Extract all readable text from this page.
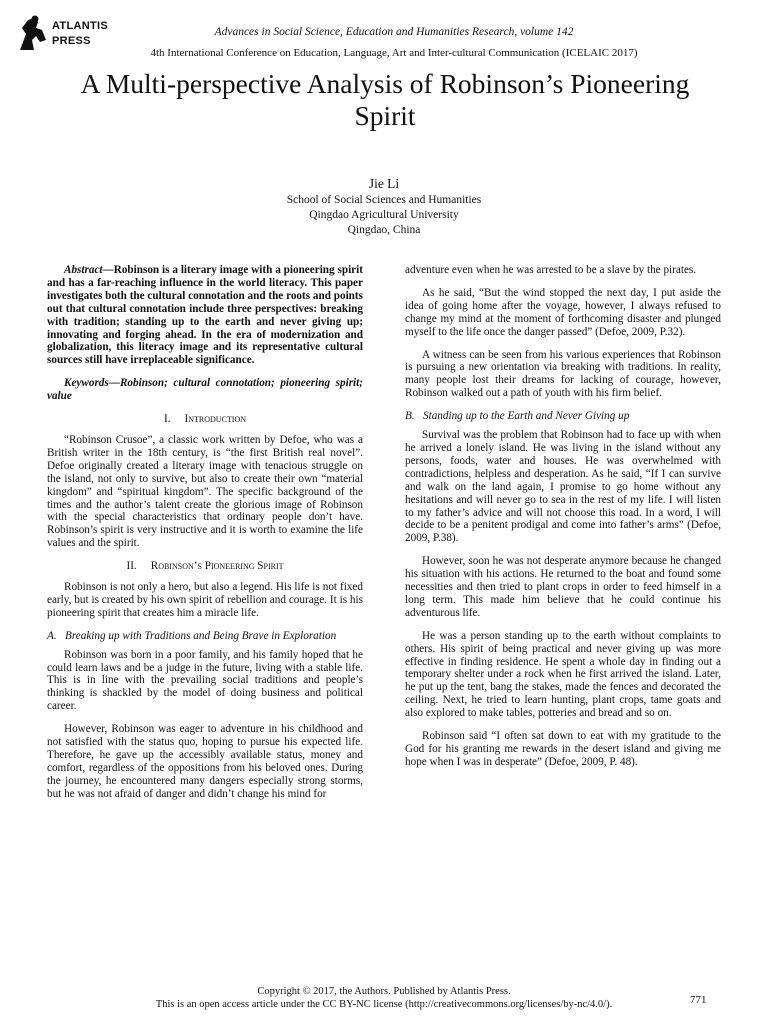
ATLANTIS
PRESS
Advances in Social Science, Education and Humanities Research, volume 142
4th International Conference on Education, Language, Art and Inter-cultural Communication (ICELAIC 2017)
A Multi-perspective Analysis of Robinson’s Pioneering Spirit
Jie Li
School of Social Sciences and Humanities
Qingdao Agricultural University
Qingdao, China

Abstract—Robinson is a literary image with a pioneering spirit and has a far-reaching influence in the world literacy. This paper investigates both the cultural connotation and the roots and points out that cultural connotation include three perspectives: breaking with tradition; standing up to the earth and never giving up; innovating and forging ahead. In the era of modernization and globalization, this literacy image and its representative cultural sources still have irreplaceable significance.

Keywords—Robinson; cultural connotation; pioneering spirit; value

I. Introduction

“Robinson Crusoe”, a classic work written by Defoe, who was a British writer in the 18th century, is “the first British real novel”. Defoe originally created a literary image with tenacious struggle on the island, not only to survive, but also to create their own “material kingdom” and “spiritual kingdom”. The specific background of the times and the author’s talent create the glorious image of Robinson with the special characteristics that ordinary people don’t have. Robinson’s spirit is very instructive and it is worth to examine the life values and the spirit.

II. Robinson’s Pioneering Spirit

Robinson is not only a hero, but also a legend. His life is not fixed early, but is created by his own spirit of rebellion and courage. It is his pioneering spirit that creates him a miracle life.

A. Breaking up with Traditions and Being Brave in Exploration

Robinson was born in a poor family, and his family hoped that he could learn laws and be a judge in the future, living with a stable life. This is in line with the prevailing social traditions and people’s thinking is shackled by the model of doing business and political career.

However, Robinson was eager to adventure in his childhood and not satisfied with the status quo, hoping to pursue his expected life. Therefore, he gave up the accessibly available status, money and comfort, regardless of the oppositions from his beloved ones. During the journey, he encountered many dangers especially strong storms, but he was not afraid of danger and didn’t change his mind for

adventure even when he was arrested to be a slave by the pirates.

As he said, “But the wind stopped the next day, I put aside the idea of going home after the voyage, however, I always refused to change my mind at the moment of forthcoming disaster and plunged myself to the life once the danger passed” (Defoe, 2009, P.32).

A witness can be seen from his various experiences that Robinson is pursuing a new orientation via breaking with traditions. In reality, many people lost their dreams for lacking of courage, however, Robinson walked out a path of youth with his firm belief.

B. Standing up to the Earth and Never Giving up

Survival was the problem that Robinson had to face up with when he arrived a lonely island. He was living in the island without any persons, foods, water and houses. He was overwhelmed with contradictions, helpless and desperation. As he said, “If I can survive and walk on the land again, I promise to go home without any hesitations and will never go to sea in the rest of my life. I will listen to my father’s advice and will not choose this road. In a word, I will decide to be a penitent prodigal and come into father’s arms” (Defoe, 2009, P.38).

However, soon he was not desperate anymore because he changed his situation with his actions. He returned to the boat and found some necessities and then tried to plant crops in order to feed himself in a long term. This made him believe that he could continue his adventurous life.

He was a person standing up to the earth without complaints to others. His spirit of being practical and never giving up was more effective in finding residence. He spent a whole day in finding out a temporary shelter under a rock when he first arrived the island. Later, he put up the tent, bang the stakes, made the fences and decorated the ceiling. Next, he tried to learn hunting, plant crops, tame goats and also explored to make tables, potteries and bread and so on.

Robinson said “I often sat down to eat with my gratitude to the God for his granting me rewards in the desert island and giving me hope when I was in desperate” (Defoe, 2009, P. 48).

Copyright © 2017, the Authors. Published by Atlantis Press.
This is an open access article under the CC BY-NC license (http://creativecommons.org/licenses/by-nc/4.0/).	771
